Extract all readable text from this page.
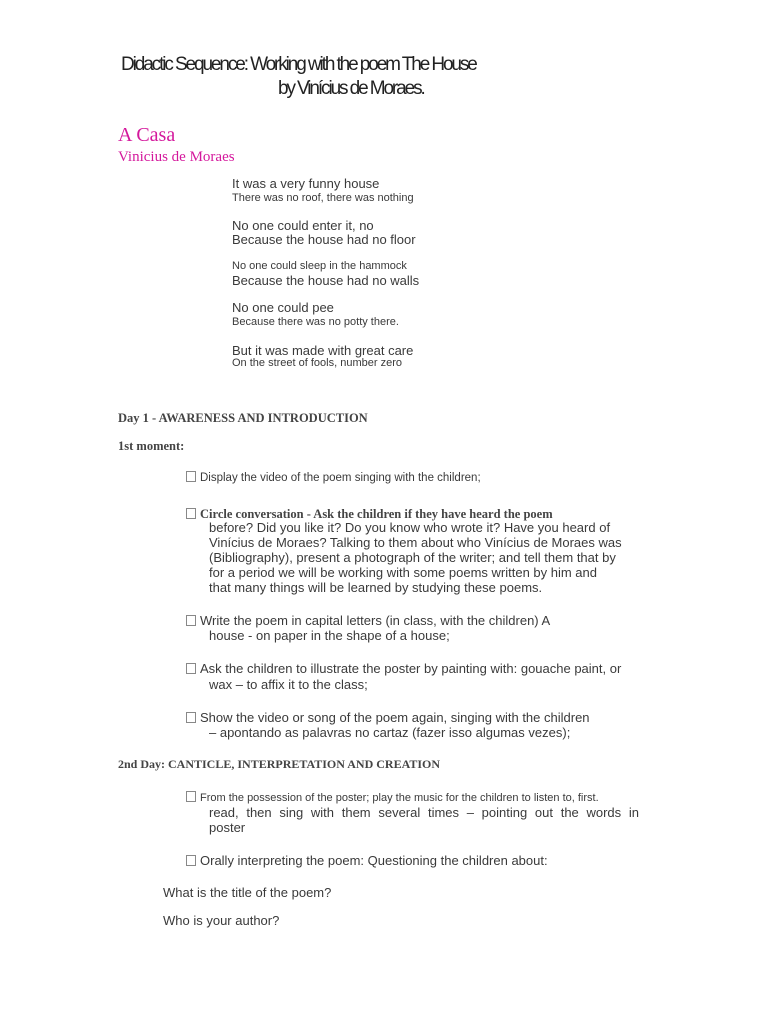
Didactic Sequence: Working with the poem The House
by Vinícius de Moraes.
A Casa
Vinicius de Moraes
It was a very funny house
There was no roof, there was nothing
No one could enter it, no
Because the house had no floor
No one could sleep in the hammock
Because the house had no walls
No one could pee
Because there was no potty there.
But it was made with great care
On the street of fools, number zero
Day 1 - AWARENESS AND INTRODUCTION
1st moment:
Display the video of the poem singing with the children;
Circle conversation - Ask the children if they have heard the poem
before? Did you like it? Do you know who wrote it? Have you heard of
Vinícius de Moraes? Talking to them about who Vinícius de Moraes was
(Bibliography), present a photograph of the writer; and tell them that by
for a period we will be working with some poems written by him and
that many things will be learned by studying these poems.
Write the poem in capital letters (in class, with the children) A
house - on paper in the shape of a house;
Ask the children to illustrate the poster by painting with: gouache paint, or
wax – to affix it to the class;
Show the video or song of the poem again, singing with the children
– apontando as palavras no cartaz (fazer isso algumas vezes);
2nd Day: CANTICLE, INTERPRETATION AND CREATION
From the possession of the poster; play the music for the children to listen to, first.
read, then sing with them several times – pointing out the words in
poster
Orally interpreting the poem: Questioning the children about:
What is the title of the poem?
Who is your author?
